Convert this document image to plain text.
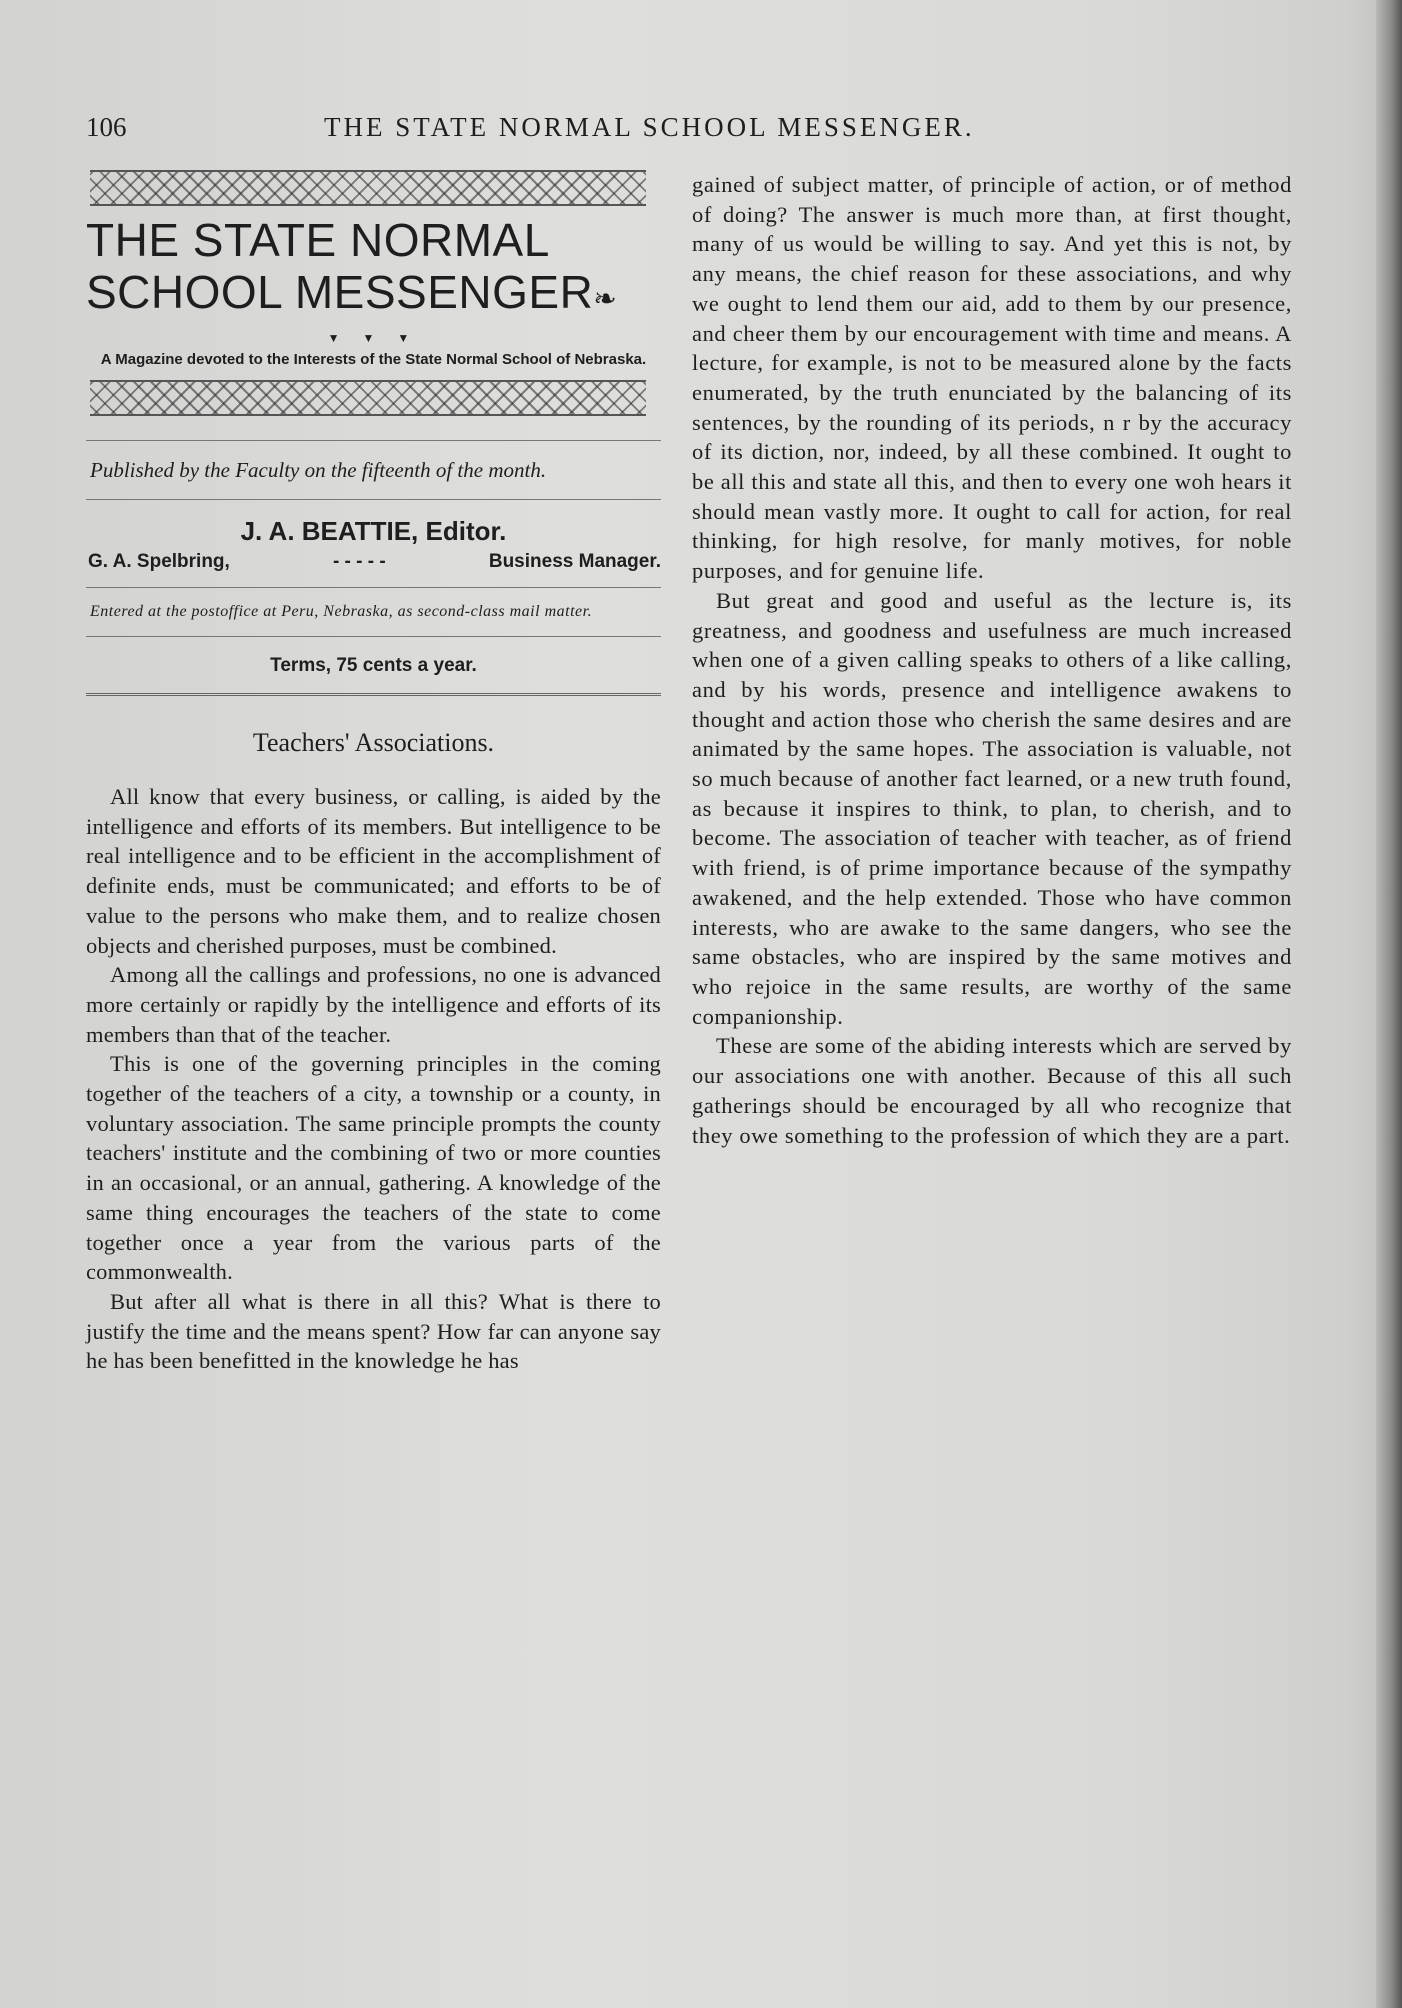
106	THE STATE NORMAL SCHOOL MESSENGER.
THE STATE NORMAL
SCHOOL MESSENGER❧
▼ ▼ ▼
A Magazine devoted to the Interests of the State Normal School of Nebraska.
Published by the Faculty on the fifteenth of the month.
J. A. BEATTIE, Editor.
G. A. Spelbring,	- - - - -	Business Manager.
Entered at the postoffice at Peru, Nebraska, as second-class mail matter.
Terms, 75 cents a year.
Teachers' Associations.

All know that every business, or calling, is aided by the intelligence and efforts of its members. But intelligence to be real intelligence and to be efficient in the accomplishment of definite ends, must be communicated; and efforts to be of value to the persons who make them, and to realize chosen objects and cherished purposes, must be combined.

Among all the callings and professions, no one is advanced more certainly or rapidly by the intelligence and efforts of its members than that of the teacher.

This is one of the governing principles in the coming together of the teachers of a city, a township or a county, in voluntary association. The same principle prompts the county teachers' institute and the combining of two or more counties in an occasional, or an annual, gathering. A knowledge of the same thing encourages the teachers of the state to come together once a year from the various parts of the commonwealth.

But after all what is there in all this? What is there to justify the time and the means spent? How far can anyone say he has been benefitted in the knowledge he has

gained of subject matter, of principle of action, or of method of doing? The answer is much more than, at first thought, many of us would be willing to say. And yet this is not, by any means, the chief reason for these associations, and why we ought to lend them our aid, add to them by our presence, and cheer them by our encouragement with time and means. A lecture, for example, is not to be measured alone by the facts enumerated, by the truth enunciated by the balancing of its sentences, by the rounding of its periods, n r by the accuracy of its diction, nor, indeed, by all these combined. It ought to be all this and state all this, and then to every one woh hears it should mean vastly more. It ought to call for action, for real thinking, for high resolve, for manly motives, for noble purposes, and for genuine life.

But great and good and useful as the lecture is, its greatness, and goodness and usefulness are much increased when one of a given calling speaks to others of a like calling, and by his words, presence and intelligence awakens to thought and action those who cherish the same desires and are animated by the same hopes. The association is valuable, not so much because of another fact learned, or a new truth found, as because it inspires to think, to plan, to cherish, and to become. The association of teacher with teacher, as of friend with friend, is of prime importance because of the sympathy awakened, and the help extended. Those who have common interests, who are awake to the same dangers, who see the same obstacles, who are inspired by the same motives and who rejoice in the same results, are worthy of the same companionship.

These are some of the abiding interests which are served by our associations one with another. Because of this all such gatherings should be encouraged by all who recognize that they owe something to the profession of which they are a part.
